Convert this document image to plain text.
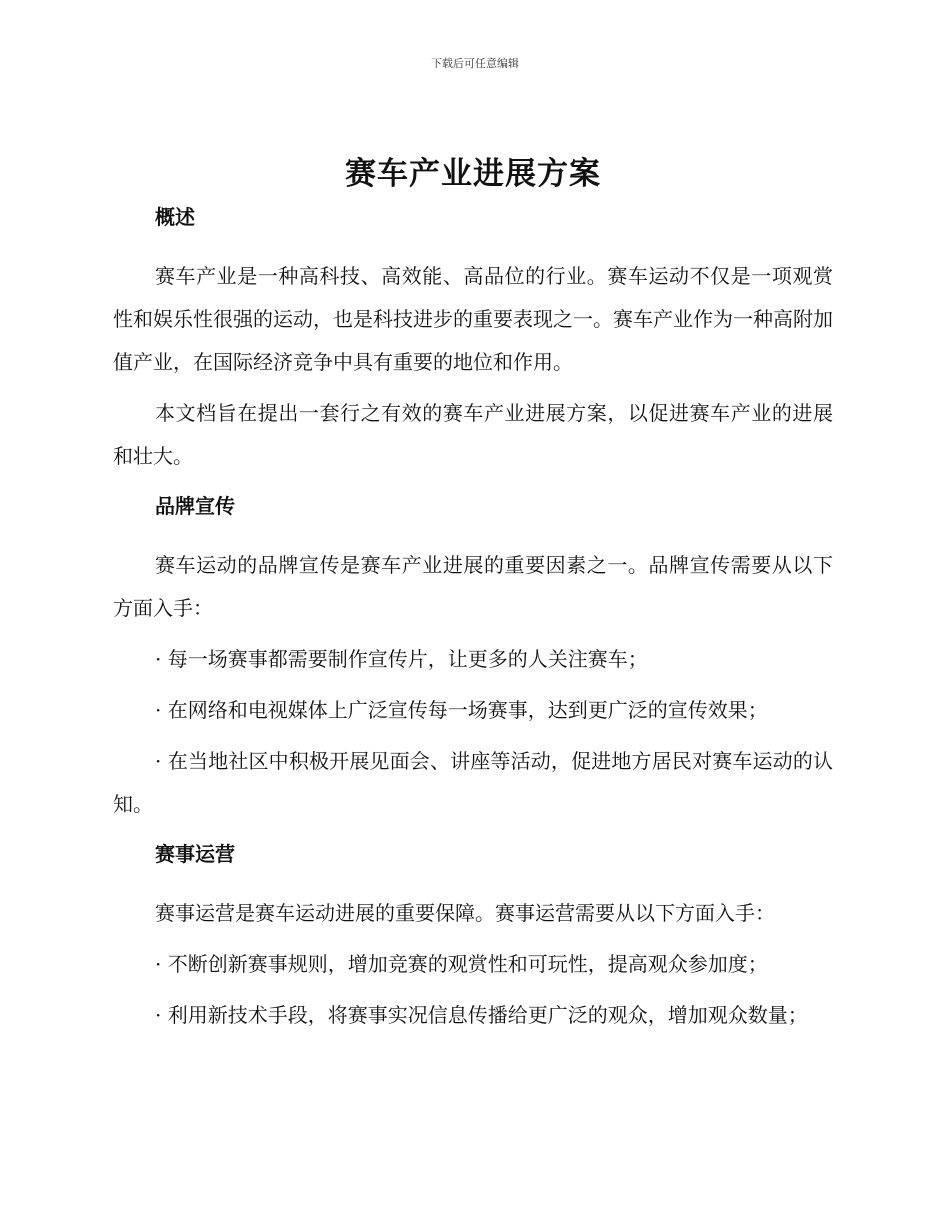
下载后可任意编辑
赛车产业进展方案
概述

赛车产业是一种高科技、高效能、高品位的行业。赛车运动不仅是一项观赏性和娱乐性很强的运动，也是科技进步的重要表现之一。赛车产业作为一种高附加值产业，在国际经济竞争中具有重要的地位和作用。

本文档旨在提出一套行之有效的赛车产业进展方案，以促进赛车产业的进展和壮大。

品牌宣传

赛车运动的品牌宣传是赛车产业进展的重要因素之一。品牌宣传需要从以下方面入手：

· 每一场赛事都需要制作宣传片，让更多的人关注赛车；

· 在网络和电视媒体上广泛宣传每一场赛事，达到更广泛的宣传效果；

· 在当地社区中积极开展见面会、讲座等活动，促进地方居民对赛车运动的认知。

赛事运营

赛事运营是赛车运动进展的重要保障。赛事运营需要从以下方面入手：

· 不断创新赛事规则，增加竞赛的观赏性和可玩性，提高观众参加度；

· 利用新技术手段，将赛事实况信息传播给更广泛的观众，增加观众数量；
